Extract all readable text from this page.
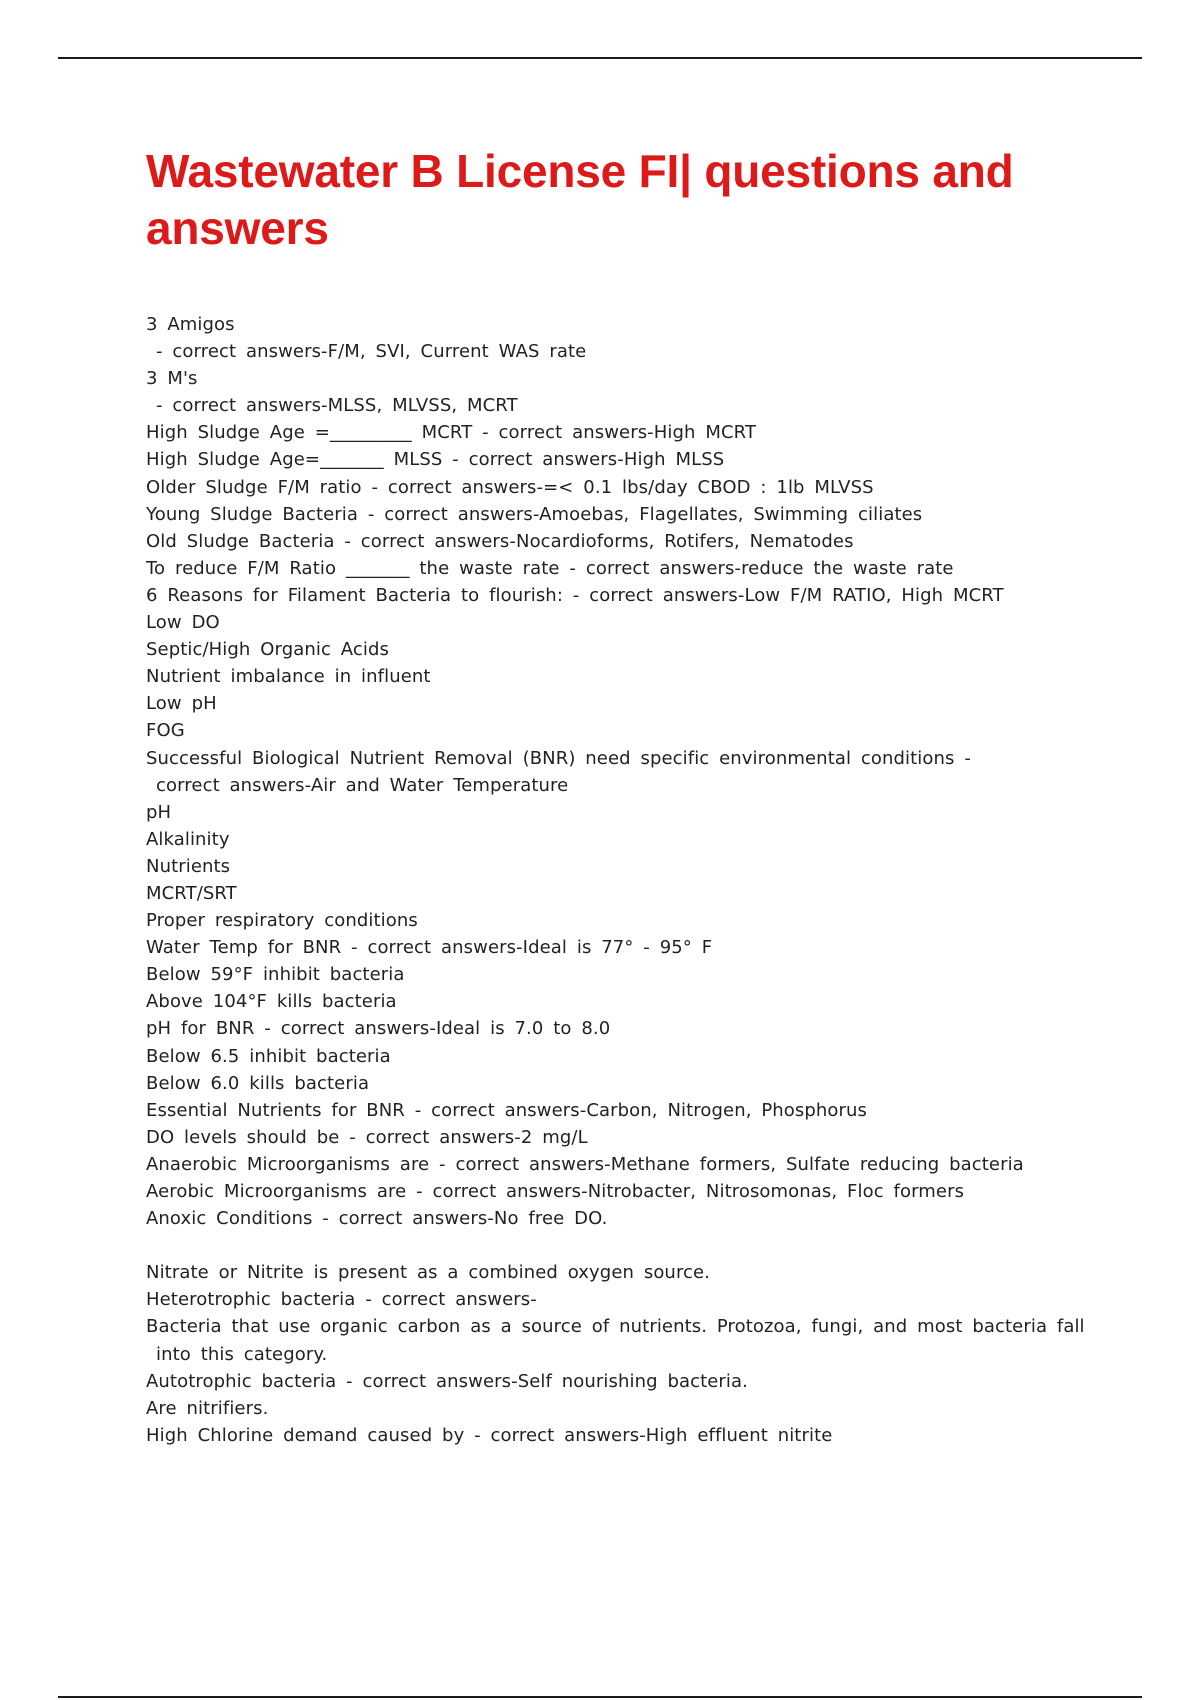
Wastewater B License FI| questions and answers
3 Amigos
- correct answers-F/M, SVI, Current WAS rate
3 M's
- correct answers-MLSS, MLVSS, MCRT
High Sludge Age =_________ MCRT - correct answers-High MCRT
High Sludge Age=_______ MLSS - correct answers-High MLSS
Older Sludge F/M ratio - correct answers-=< 0.1 lbs/day CBOD : 1lb MLVSS
Young Sludge Bacteria - correct answers-Amoebas, Flagellates, Swimming ciliates
Old Sludge Bacteria - correct answers-Nocardioforms, Rotifers, Nematodes
To reduce F/M Ratio _______ the waste rate - correct answers-reduce the waste rate
6 Reasons for Filament Bacteria to flourish: - correct answers-Low F/M RATIO, High MCRT
Low DO
Septic/High Organic Acids
Nutrient imbalance in influent
Low pH
FOG
Successful Biological Nutrient Removal (BNR) need specific environmental conditions -
correct answers-Air and Water Temperature
pH
Alkalinity
Nutrients
MCRT/SRT
Proper respiratory conditions
Water Temp for BNR - correct answers-Ideal is 77° - 95° F
Below 59°F inhibit bacteria
Above 104°F kills bacteria
pH for BNR - correct answers-Ideal is 7.0 to 8.0
Below 6.5 inhibit bacteria
Below 6.0 kills bacteria
Essential Nutrients for BNR - correct answers-Carbon, Nitrogen, Phosphorus
DO levels should be - correct answers-2 mg/L
Anaerobic Microorganisms are - correct answers-Methane formers, Sulfate reducing bacteria
Aerobic Microorganisms are - correct answers-Nitrobacter, Nitrosomonas, Floc formers
Anoxic Conditions - correct answers-No free DO.
Nitrate or Nitrite is present as a combined oxygen source.
Heterotrophic bacteria - correct answers-
Bacteria that use organic carbon as a source of nutrients. Protozoa, fungi, and most bacteria fall
into this category.
Autotrophic bacteria - correct answers-Self nourishing bacteria.
Are nitrifiers.
High Chlorine demand caused by - correct answers-High effluent nitrite
